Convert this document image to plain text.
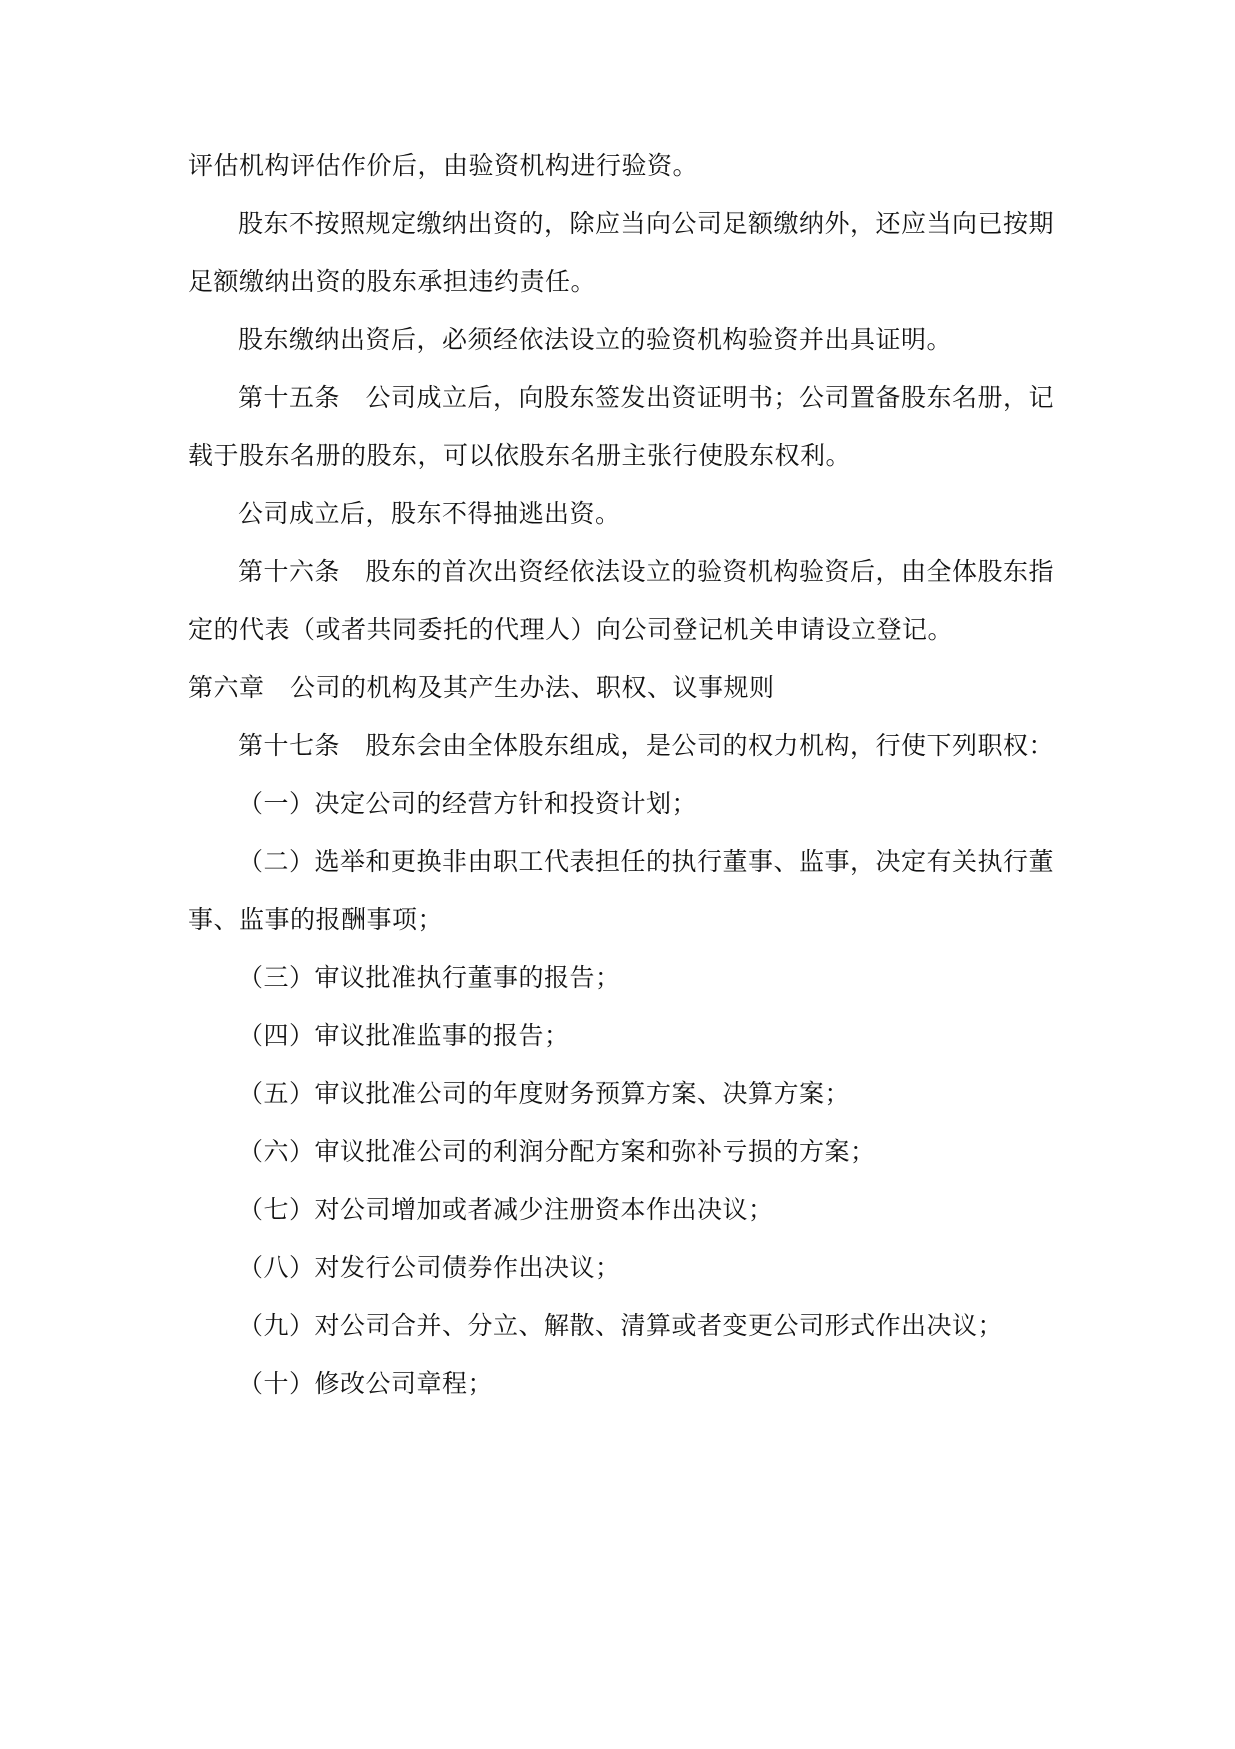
评估机构评估作价后，由验资机构进行验资。
股东不按照规定缴纳出资的，除应当向公司足额缴纳外，还应当向已按期
足额缴纳出资的股东承担违约责任。
股东缴纳出资后，必须经依法设立的验资机构验资并出具证明。
第十五条　公司成立后，向股东签发出资证明书；公司置备股东名册，记
载于股东名册的股东，可以依股东名册主张行使股东权利。
公司成立后，股东不得抽逃出资。
第十六条　股东的首次出资经依法设立的验资机构验资后，由全体股东指
定的代表（或者共同委托的代理人）向公司登记机关申请设立登记。
第六章　公司的机构及其产生办法、职权、议事规则
第十七条　股东会由全体股东组成，是公司的权力机构，行使下列职权：
（一）决定公司的经营方针和投资计划；
（二）选举和更换非由职工代表担任的执行董事、监事，决定有关执行董
事、监事的报酬事项；
（三）审议批准执行董事的报告；
（四）审议批准监事的报告；
（五）审议批准公司的年度财务预算方案、决算方案；
（六）审议批准公司的利润分配方案和弥补亏损的方案；
（七）对公司增加或者减少注册资本作出决议；
（八）对发行公司债券作出决议；
（九）对公司合并、分立、解散、清算或者变更公司形式作出决议；
（十）修改公司章程；
